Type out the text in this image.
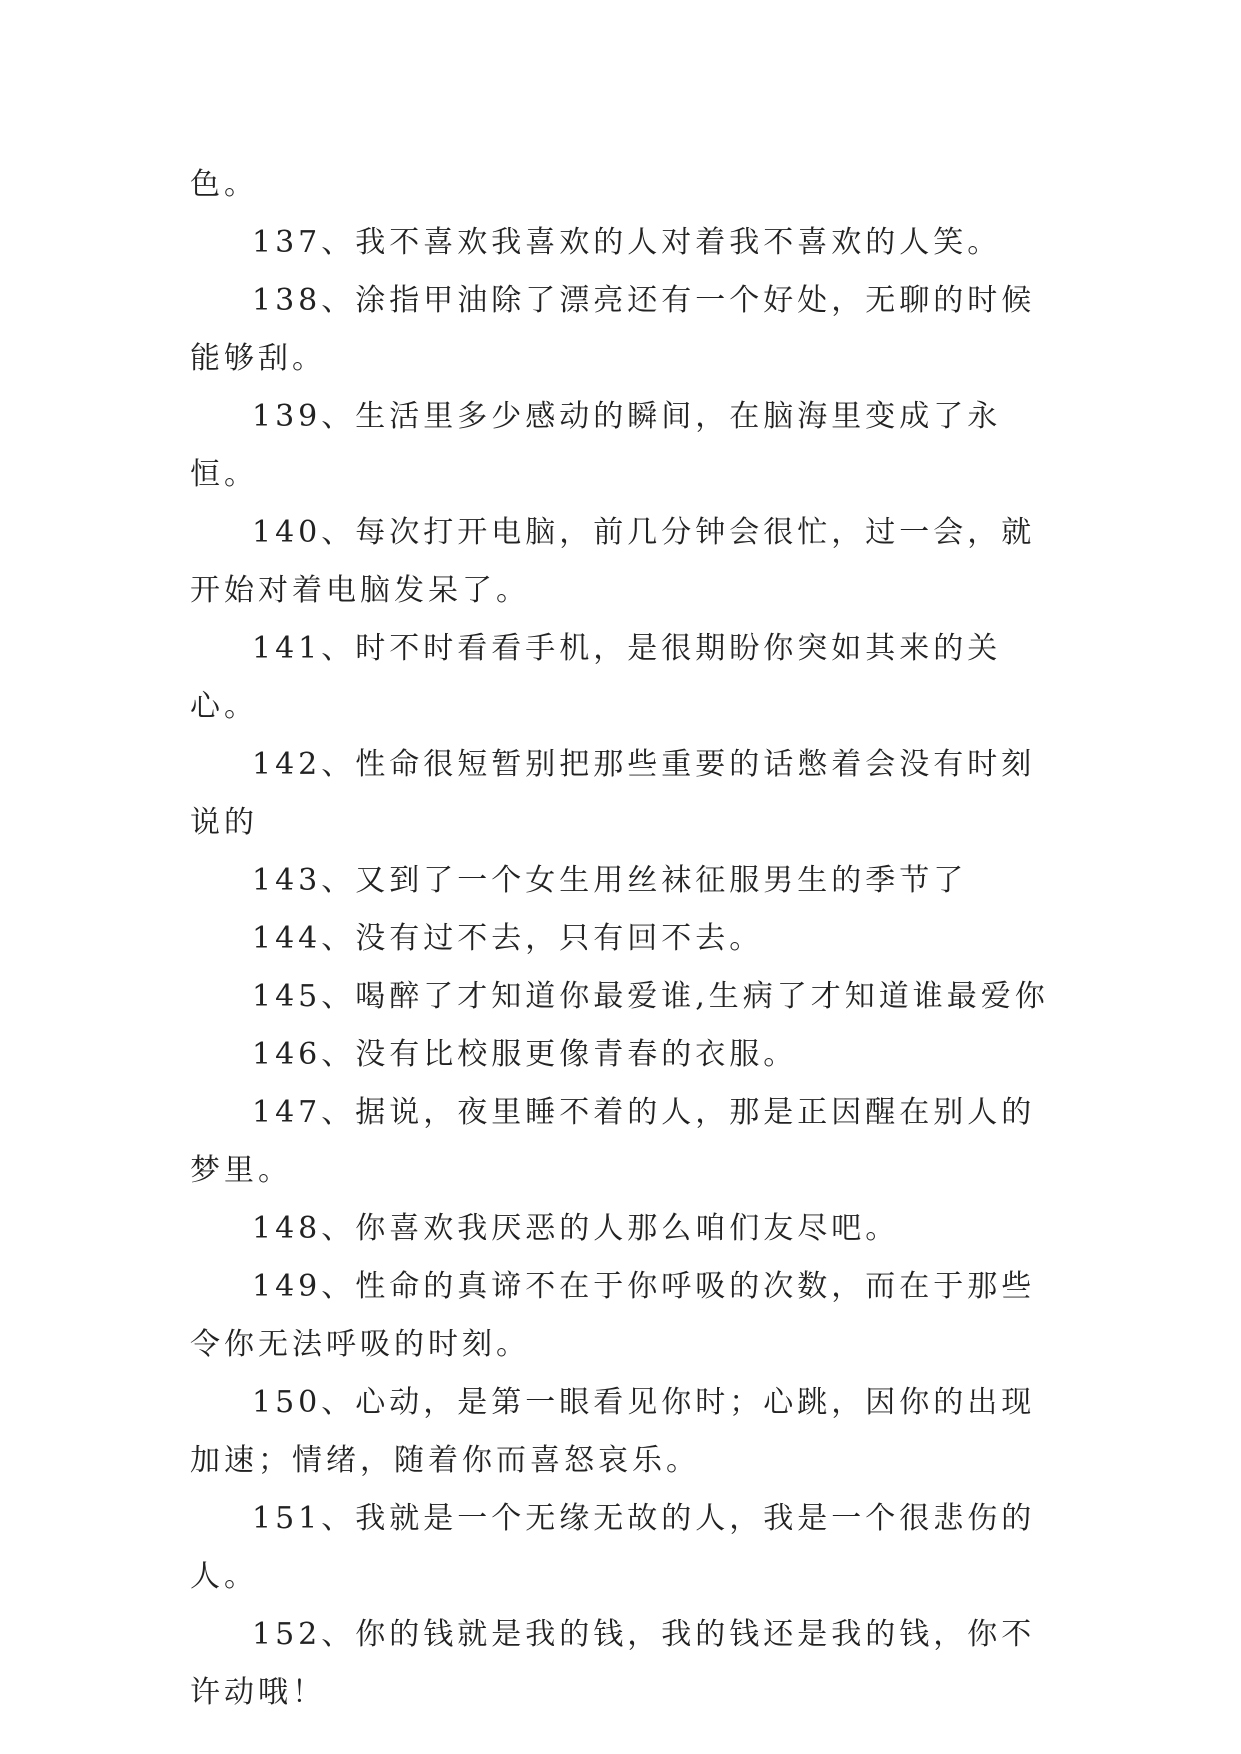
色。

137、我不喜欢我喜欢的人对着我不喜欢的人笑。

138、涂指甲油除了漂亮还有一个好处，无聊的时候能够刮。

139、生活里多少感动的瞬间，在脑海里变成了永恒。

140、每次打开电脑，前几分钟会很忙，过一会，就开始对着电脑发呆了。

141、时不时看看手机，是很期盼你突如其来的关心。

142、性命很短暂别把那些重要的话憋着会没有时刻说的

143、又到了一个女生用丝袜征服男生的季节了

144、没有过不去，只有回不去。

145、喝醉了才知道你最爱谁,生病了才知道谁最爱你

146、没有比校服更像青春的衣服。

147、据说，夜里睡不着的人，那是正因醒在别人的梦里。

148、你喜欢我厌恶的人那么咱们友尽吧。

149、性命的真谛不在于你呼吸的次数，而在于那些令你无法呼吸的时刻。

150、心动，是第一眼看见你时；心跳，因你的出现加速；情绪，随着你而喜怒哀乐。

151、我就是一个无缘无故的人，我是一个很悲伤的人。

152、你的钱就是我的钱，我的钱还是我的钱，你不许动哦！
